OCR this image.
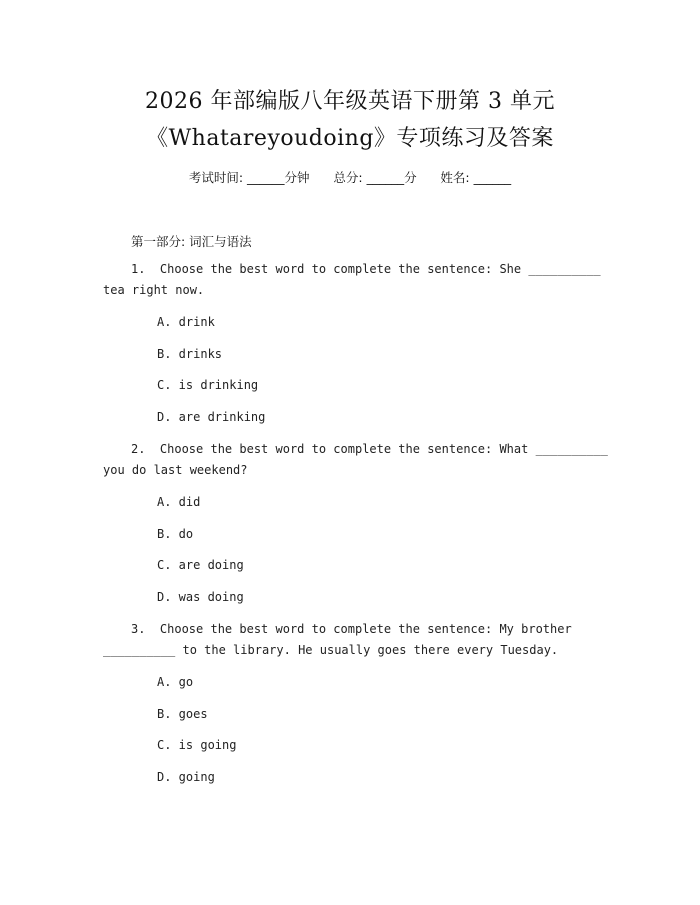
2026 年部编版八年级英语下册第 3 单元
《Whatareyoudoing》专项练习及答案
考试时间: ______分钟      总分: ______分      姓名: ______
第一部分: 词汇与语法
1.  Choose the best word to complete the sentence: She __________
tea right now.
A. drink
B. drinks
C. is drinking
D. are drinking
2.  Choose the best word to complete the sentence: What __________
you do last weekend?
A. did
B. do
C. are doing
D. was doing
3.  Choose the best word to complete the sentence: My brother
__________ to the library. He usually goes there every Tuesday.
A. go
B. goes
C. is going
D. going
